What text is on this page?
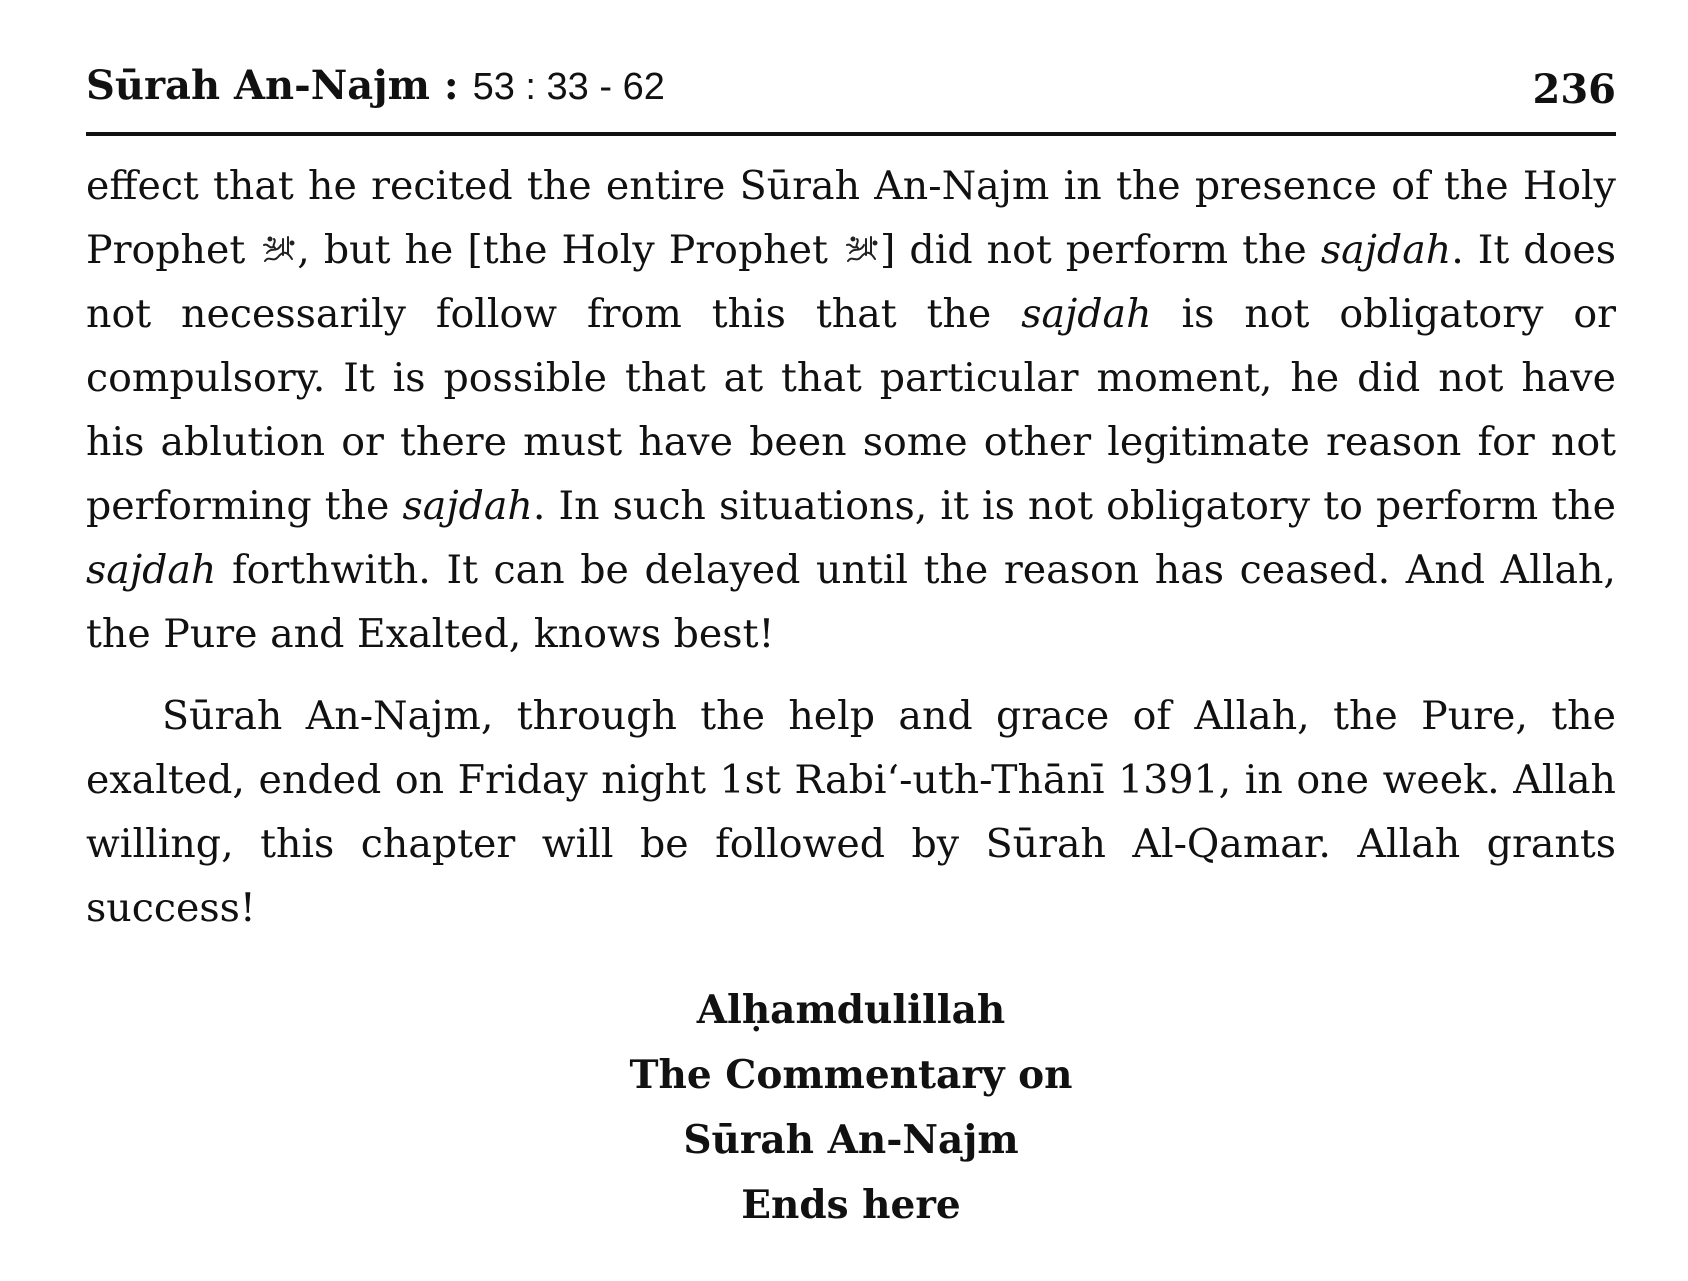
Sūrah An-Najm : 53 : 33 - 62	236

effect that he recited the entire Sūrah An-Najm in the presence of the Holy Prophet
, but he [the Holy Prophet
] did not perform the sajdah. It does not necessarily follow from this that the sajdah is not obligatory or compulsory. It is possible that at that particular moment, he did not have his ablution or there must have been some other legitimate reason for not performing the sajdah. In such situations, it is not obligatory to perform the sajdah forthwith. It can be delayed until the reason has ceased. And Allah, the Pure and Exalted, knows best!

Sūrah An-Najm, through the help and grace of Allah, the Pure, the exalted, ended on Friday night 1st Rabi‘-uth-Thānī 1391, in one week. Allah willing, this chapter will be followed by Sūrah Al-Qamar. Allah grants success!

Alḥamdulillah
The Commentary on
Sūrah An-Najm
Ends here
